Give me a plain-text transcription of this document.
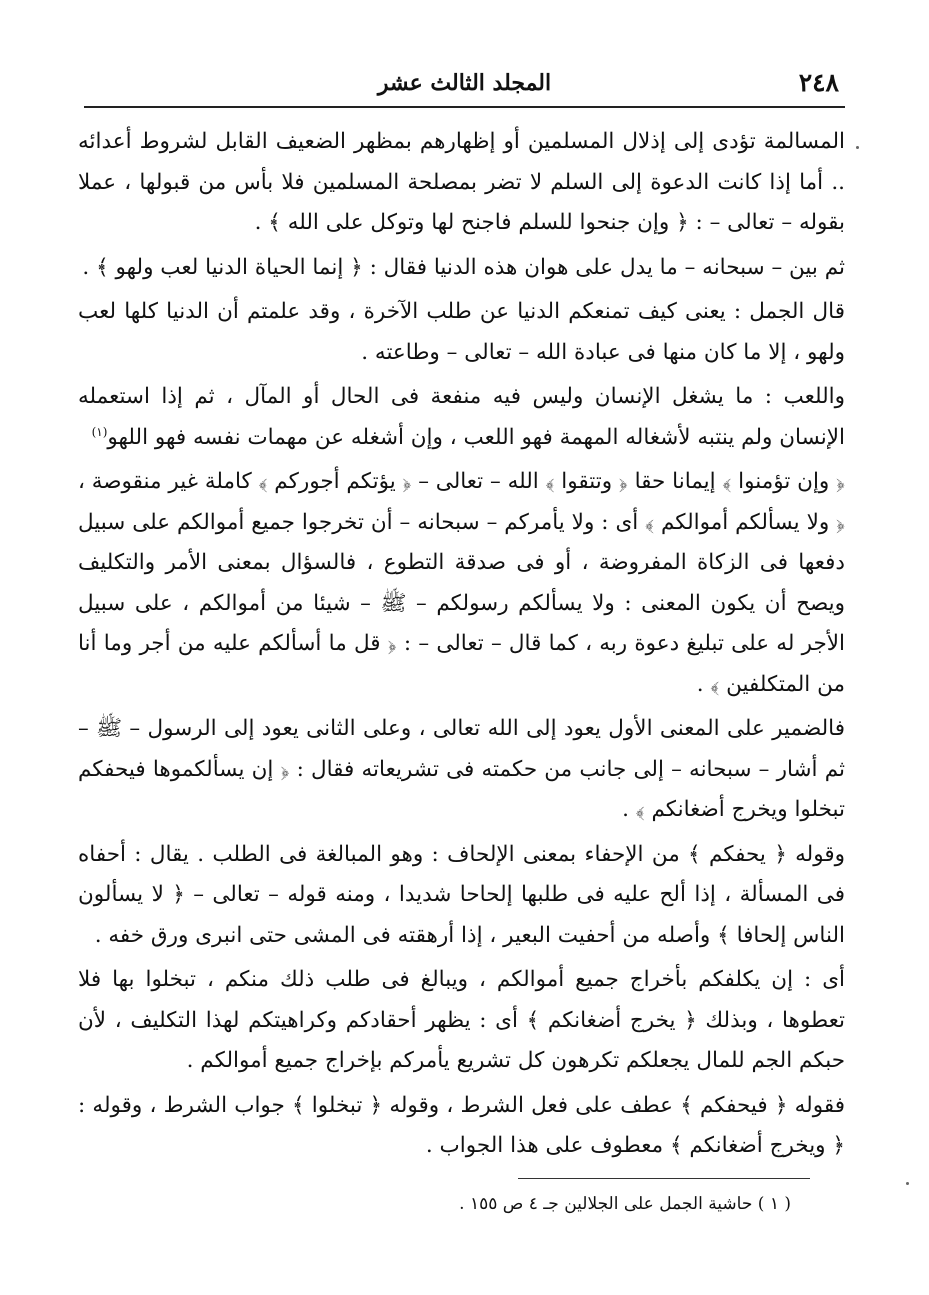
٢٤٨
المجلد الثالث عشر

المسالمة تؤدى إلى إذلال المسلمين أو إظهارهم بمظهر الضعيف القابل لشروط أعدائه .. أما إذا كانت الدعوة إلى السلم لا تضر بمصلحة المسلمين فلا بأس من قبولها ، عملا بقوله – تعالى – : ﴿ وإن جنحوا للسلم فاجنح لها وتوكل على الله ﴾ .

ثم بين – سبحانه – ما يدل على هوان هذه الدنيا فقال : ﴿ إنما الحياة الدنيا لعب ولهو ﴾ .

قال الجمل : يعنى كيف تمنعكم الدنيا عن طلب الآخرة ، وقد علمتم أن الدنيا كلها لعب ولهو ، إلا ما كان منها فى عبادة الله – تعالى – وطاعته .

واللعب : ما يشغل الإنسان وليس فيه منفعة فى الحال أو المآل ، ثم إذا استعمله الإنسان ولم ينتبه لأشغاله المهمة فهو اللعب ، وإن أشغله عن مهمات نفسه فهو اللهو$^{(١)}$

﴿ وإن تؤمنوا ﴾ إيمانا حقا ﴿ وتتقوا ﴾ الله – تعالى – ﴿ يؤتكم أجوركم ﴾ كاملة غير منقوصة ، ﴿ ولا يسألكم أموالكم ﴾ أى : ولا يأمركم – سبحانه – أن تخرجوا جميع أموالكم على سبيل دفعها فى الزكاة المفروضة ، أو فى صدقة التطوع ، فالسؤال بمعنى الأمر والتكليف ويصح أن يكون المعنى : ولا يسألكم رسولكم – ﷺ – شيئا من أموالكم ، على سبيل الأجر له على تبليغ دعوة ربه ، كما قال – تعالى – : ﴿ قل ما أسألكم عليه من أجر وما أنا من المتكلفين ﴾ .

فالضمير على المعنى الأول يعود إلى الله تعالى ، وعلى الثانى يعود إلى الرسول – ﷺ – ثم أشار – سبحانه – إلى جانب من حكمته فى تشريعاته فقال : ﴿ إن يسألكموها فيحفكم تبخلوا ويخرج أضغانكم ﴾ .

وقوله ﴿ يحفكم ﴾ من الإحفاء بمعنى الإلحاف : وهو المبالغة فى الطلب . يقال : أحفاه فى المسألة ، إذا ألح عليه فى طلبها إلحاحا شديدا ، ومنه قوله – تعالى – ﴿ لا يسألون الناس إلحافا ﴾ وأصله من أحفيت البعير ، إذا أرهقته فى المشى حتى انبرى ورق خفه .

أى : إن يكلفكم بأخراج جميع أموالكم ، ويبالغ فى طلب ذلك منكم ، تبخلوا بها فلا تعطوها ، وبذلك ﴿ يخرج أضغانكم ﴾ أى : يظهر أحقادكم وكراهيتكم لهذا التكليف ، لأن حبكم الجم للمال يجعلكم تكرهون كل تشريع يأمركم بإخراج جميع أموالكم .

فقوله ﴿ فيحفكم ﴾ عطف على فعل الشرط ، وقوله ﴿ تبخلوا ﴾ جواب الشرط ، وقوله : ﴿ ويخرج أضغانكم ﴾ معطوف على هذا الجواب .

( ١ ) حاشية الجمل على الجلالين جـ ٤ ص ١٥٥ .
